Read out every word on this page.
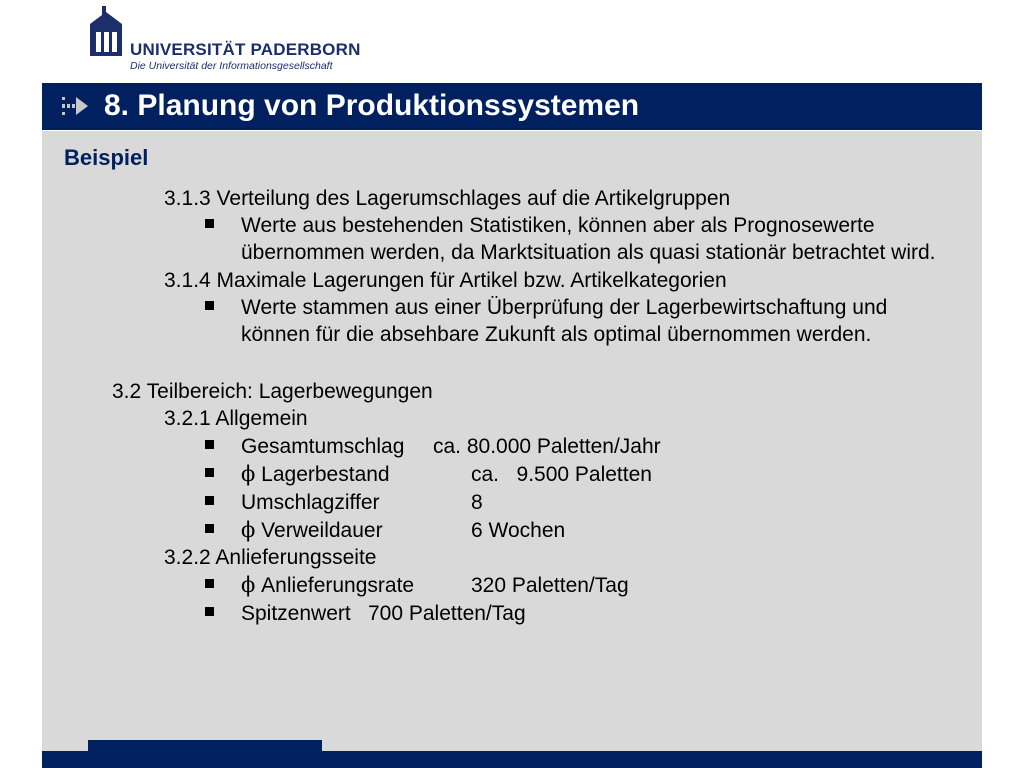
UNIVERSITÄT PADERBORN
Die Universität der Informationsgesellschaft
8. Planung von Produktionssystemen
Beispiel
3.1.3 Verteilung des Lagerumschlages auf die Artikelgruppen
Werte aus bestehenden Statistiken, können aber als Prognosewerte
übernommen werden, da Marktsituation als quasi stationär betrachtet wird.
3.1.4 Maximale Lagerungen für Artikel bzw. Artikelkategorien
Werte stammen aus einer Überprüfung der Lagerbewirtschaftung und
können für die absehbare Zukunft als optimal übernommen werden.
3.2 Teilbereich: Lagerbewegungen
3.2.1 Allgemein
Gesamtumschlag ca. 80.000 Paletten/Jahr
ϕ Lagerbestand	ca.   9.500 Paletten
Umschlagziffer	8
ϕ Verweildauer	6 Wochen
3.2.2 Anlieferungsseite
ϕ Anlieferungsrate	320 Paletten/Tag
Spitzenwert 700 Paletten/Tag
